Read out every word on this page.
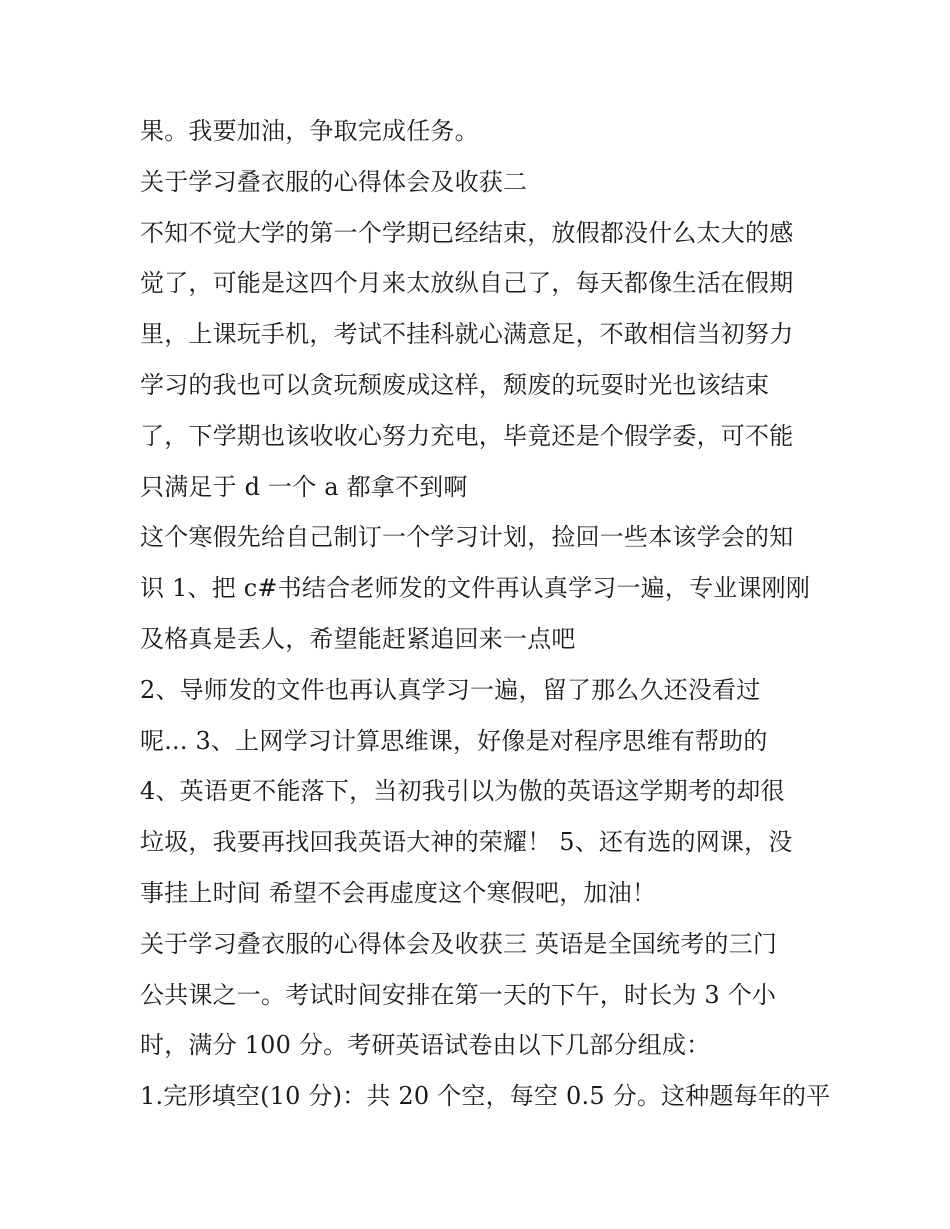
果。我要加油，争取完成任务。
关于学习叠衣服的心得体会及收获二
不知不觉大学的第一个学期已经结束，放假都没什么太大的感
觉了，可能是这四个月来太放纵自己了，每天都像生活在假期
里，上课玩手机，考试不挂科就心满意足，不敢相信当初努力
学习的我也可以贪玩颓废成这样，颓废的玩耍时光也该结束
了，下学期也该收收心努力充电，毕竟还是个假学委，可不能
只满足于 d 一个 a 都拿不到啊
这个寒假先给自己制订一个学习计划，捡回一些本该学会的知
识 1、把 c#书结合老师发的文件再认真学习一遍，专业课刚刚
及格真是丢人，希望能赶紧追回来一点吧
2、导师发的文件也再认真学习一遍，留了那么久还没看过
呢... 3、上网学习计算思维课，好像是对程序思维有帮助的
4、英语更不能落下，当初我引以为傲的英语这学期考的却很
垃圾，我要再找回我英语大神的荣耀！ 5、还有选的网课，没
事挂上时间 希望不会再虚度这个寒假吧，加油！
关于学习叠衣服的心得体会及收获三 英语是全国统考的三门
公共课之一。考试时间安排在第一天的下午，时长为 3 个小
时，满分 100 分。考研英语试卷由以下几部分组成：
1.完形填空(10 分)：共 20 个空，每空 0.5 分。这种题每年的平
